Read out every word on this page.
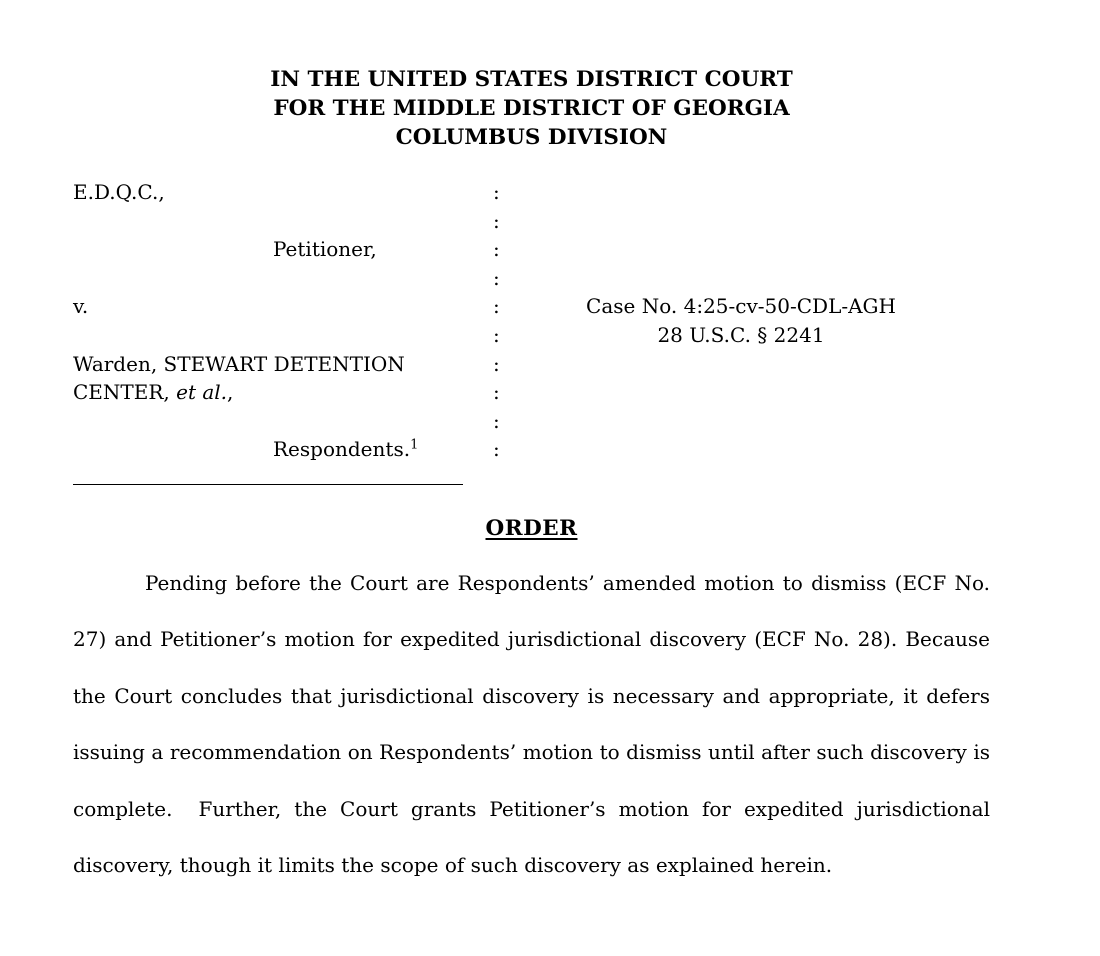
IN THE UNITED STATES DISTRICT COURT
FOR THE MIDDLE DISTRICT OF GEORGIA
COLUMBUS DIVISION
E.D.Q.C.,
Petitioner,
v.
Warden, STEWART DETENTION
CENTER, et al.,
Respondents.$^1$
:
:
:
:
:
:
:
:
:
:
Case No. 4:25-cv-50-CDL-AGH
28 U.S.C. § 2241
ORDER

Pending before the Court are Respondents’ amended motion to dismiss (ECF No. 27) and Petitioner’s motion for expedited jurisdictional discovery (ECF No. 28). Because the Court concludes that jurisdictional discovery is necessary and appropriate, it defers issuing a recommendation on Respondents’ motion to dismiss until after such discovery is complete.  Further, the Court grants Petitioner’s motion for expedited jurisdictional discovery, though it limits the scope of such discovery as explained herein.
